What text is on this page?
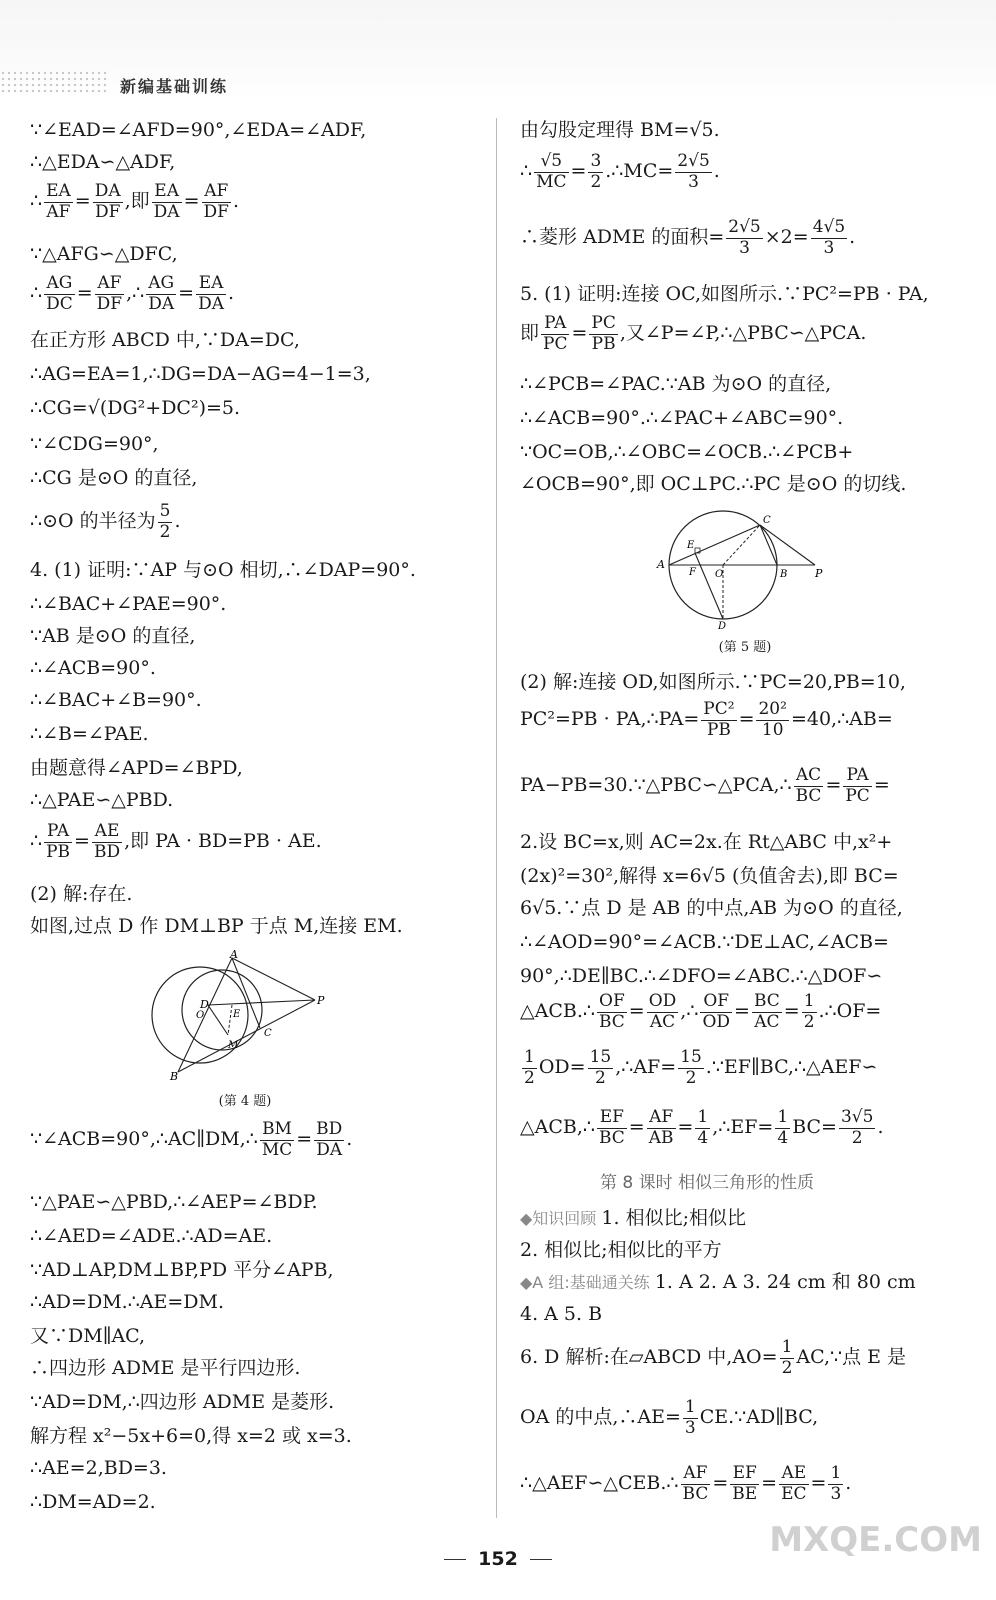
新编基础训练
∵∠EAD=∠AFD=90°,∠EDA=∠ADF,
∴△EDA∽△ADF,
∴ $\frac{EA}{AF} = \frac{DA}{DF}$ ,即 $\frac{EA}{DA} = \frac{AF}{DF}$ .
∵△AFG∽△DFC,
∴ $\frac{AG}{DC} = \frac{AF}{DF}$ ,∴ $\frac{AG}{DA} = \frac{EA}{DA}$ .
在正方形 ABCD 中,∵DA=DC,
∴AG=EA=1,∴DG=DA−AG=4−1=3,
∴CG=√(DG²+DC²)=5.
∵∠CDG=90°,
∴CG 是⊙O 的直径,
∴⊙O 的半径为 $\frac{5}{2}$ .
4. (1) 证明:∵AP 与⊙O 相切,∴∠DAP=90°.
∴∠BAC+∠PAE=90°.
∵AB 是⊙O 的直径,
∴∠ACB=90°.
∴∠BAC+∠B=90°.
∴∠B=∠PAE.
由题意得∠APD=∠BPD,
∴△PAE∽△PBD.
∴ $\frac{PA}{PB} = \frac{AE}{BD}$ ,即 PA · BD=PB · AE.
(2) 解:存在.
如图,过点 D 作 DM⊥BP 于点 M,连接 EM.
∵∠ACB=90°,∴AC∥DM,∴ $\frac{BM}{MC} = \frac{BD}{DA}$ .
∵△PAE∽△PBD,∴∠AEP=∠BDP.
∴∠AED=∠ADE.∴AD=AE.
∵AD⊥AP,DM⊥BP,PD 平分∠APB,
∴AD=DM.∴AE=DM.
又∵DM∥AC,
∴四边形 ADME 是平行四边形.
∵AD=DM,∴四边形 ADME 是菱形.
解方程 x²−5x+6=0,得 x=2 或 x=3.
∴AE=2,BD=3.
∴DM=AD=2.
A
D
O	E
M
C
P
B
(第 4 题)
A
E
F O	B	P
C
D
(第 5 题)
由勾股定理得 BM=√5.
∴ $\frac{√5}{MC} = \frac{3}{2}$ .∴MC= $\frac{2√5}{3}$ .
∴菱形 ADME 的面积= $\frac{2√5}{3} \times 2= \frac{4√5}{3}$ .
5. (1) 证明:连接 OC,如图所示.∵PC²=PB · PA,
即 $\frac{PA}{PC} = \frac{PC}{PB}$ ,又∠P=∠P,∴△PBC∽△PCA.
∴∠PCB=∠PAC.∵AB 为⊙O 的直径,
∴∠ACB=90°.∴∠PAC+∠ABC=90°.
∵OC=OB,∴∠OBC=∠OCB.∴∠PCB+
∠OCB=90°,即 OC⊥PC.∴PC 是⊙O 的切线.
(2) 解:连接 OD,如图所示.∵PC=20,PB=10,
PC²=PB · PA,∴PA= $\frac{\text{PC²}}{PB} = \frac{\text{20²}}{10}$ =40,∴AB=
PA−PB=30.∵△PBC∽△PCA,∴ $\frac{AC}{BC} = \frac{PA}{PC}$ =
2.设 BC=x,则 AC=2x.在 Rt△ABC 中,x²+
(2x)²=30²,解得 x=6√5 (负值舍去),即 BC=
6√5.∵点 D 是 AB 的中点,AB 为⊙O 的直径,
∴∠AOD=90°=∠ACB.∵DE⊥AC,∠ACB=
90°,∴DE∥BC.∴∠DFO=∠ABC.∴△DOF∽
△ACB.∴ $\frac{OF}{BC} = \frac{OD}{AC}$ ,∴ $\frac{OF}{OD} = \frac{BC}{AC} = \frac{1}{2}$ .∴OF=
$\frac{1}{2} OD= \frac{15}{2}$ ,∴AF= $\frac{15}{2}$ .∵EF∥BC,∴△AEF∽
△ACB,∴ $\frac{EF}{BC} = \frac{AF}{AB} = \frac{1}{4}$ ,∴EF= $\frac{1}{4} BC= \frac{3√5}{2}$ .
◆知识回顾 1. 相似比;相似比
2. 相似比;相似比的平方
◆A 组:基础通关练 1. A 2. A 3. 24 cm 和 80 cm
4. A 5. B
6. D 解析:在▱ABCD 中$,AO= \frac{1}{2}$ AC,∵点 E 是
OA 的中点,∴AE= $\frac{1}{3}$ CE.∵AD∥BC,
∴△AEF∽△CEB.∴ $\frac{AF}{BC} = \frac{EF}{BE} = \frac{AE}{EC} = \frac{1}{3}$ .
第 8 课时 相似三角形的性质
152	MXQE.COM
